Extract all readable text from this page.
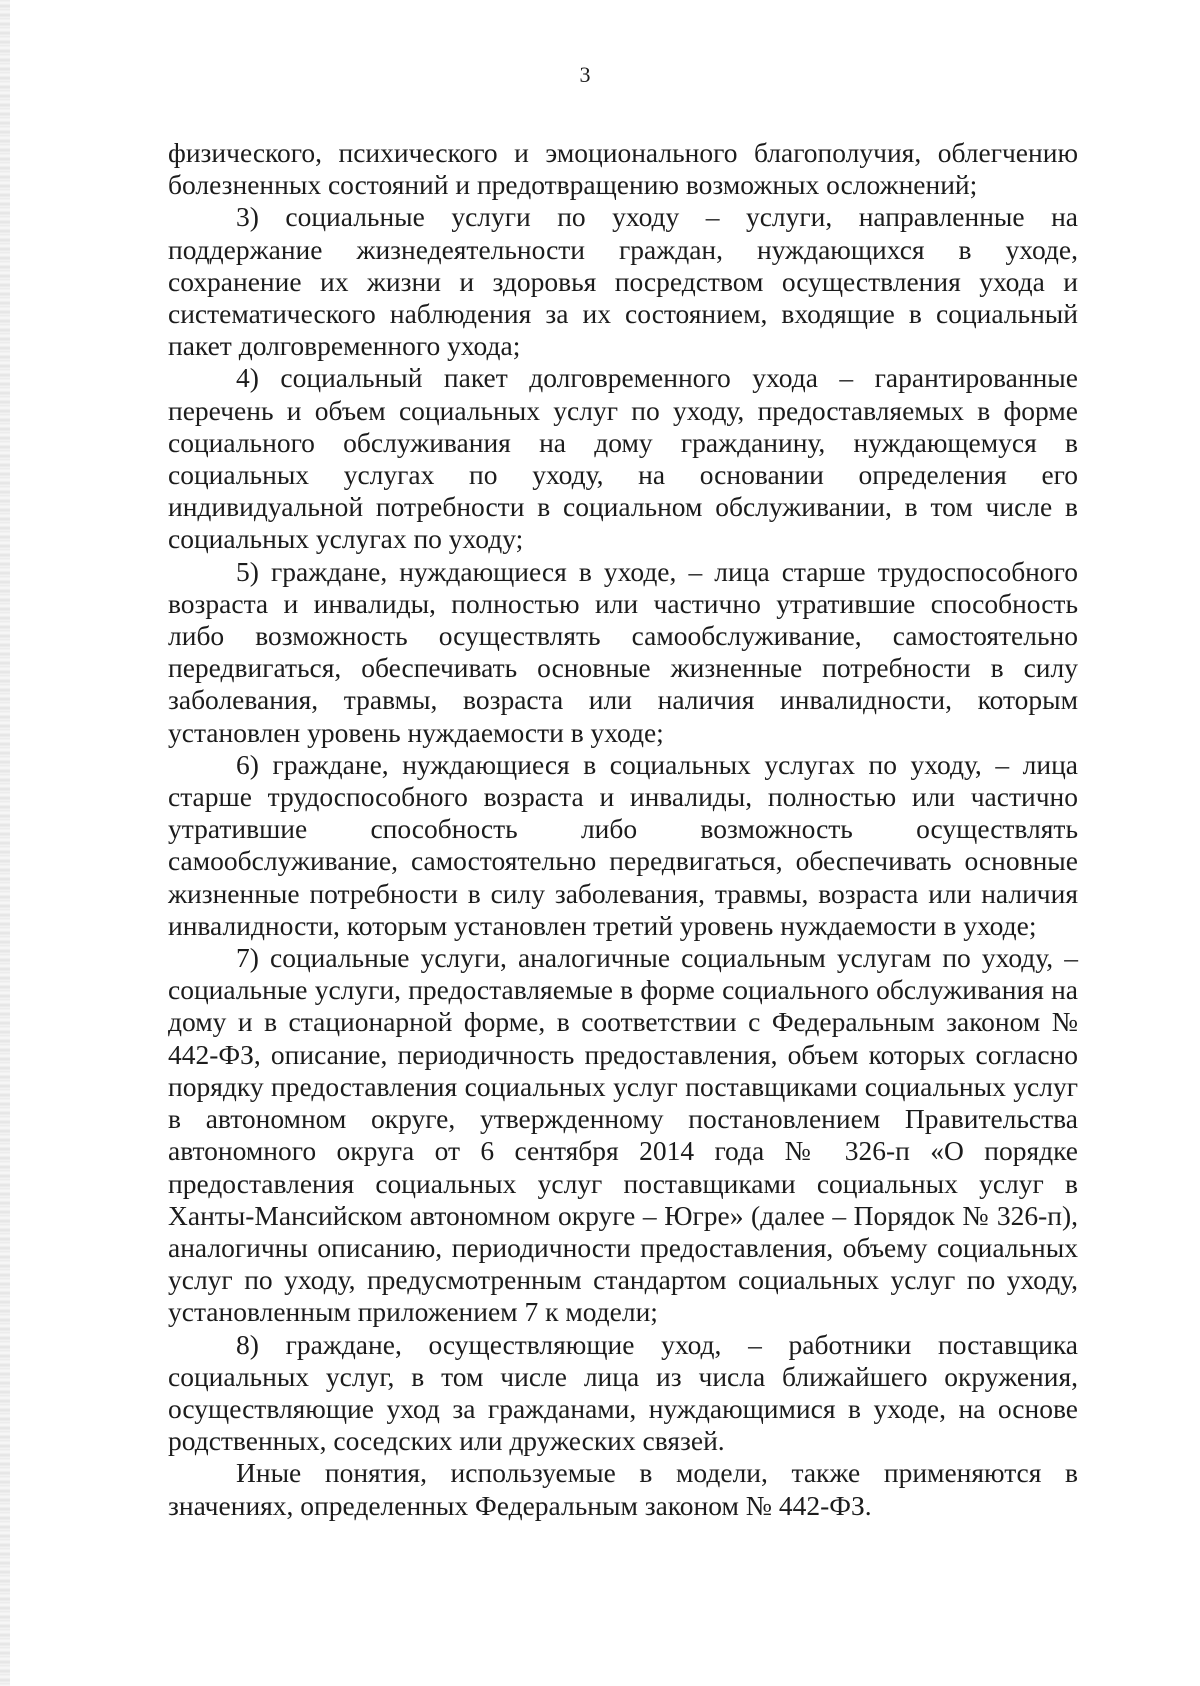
3

физического, психического и эмоционального благополучия, облегчению болезненных состояний и предотвращению возможных осложнений;

3) социальные услуги по уходу – услуги, направленные на поддержание жизнедеятельности граждан, нуждающихся в уходе, сохранение их жизни и здоровья посредством осуществления ухода и систематического наблюдения за их состоянием, входящие в социальный пакет долговременного ухода;

4) социальный пакет долговременного ухода – гарантированные перечень и объем социальных услуг по уходу, предоставляемых в форме социального обслуживания на дому гражданину, нуждающемуся в социальных услугах по уходу, на основании определения его индивидуальной потребности в социальном обслуживании, в том числе в социальных услугах по уходу;

5) граждане, нуждающиеся в уходе, – лица старше трудоспособного возраста и инвалиды, полностью или частично утратившие способность либо возможность осуществлять самообслуживание, самостоятельно передвигаться, обеспечивать основные жизненные потребности в силу заболевания, травмы, возраста или наличия инвалидности, которым установлен уровень нуждаемости в уходе;

6) граждане, нуждающиеся в социальных услугах по уходу, – лица старше трудоспособного возраста и инвалиды, полностью или частично утратившие способность либо возможность осуществлять самообслуживание, самостоятельно передвигаться, обеспечивать основные жизненные потребности в силу заболевания, травмы, возраста или наличия инвалидности, которым установлен третий уровень нуждаемости в уходе;

7) социальные услуги, аналогичные социальным услугам по уходу, – социальные услуги, предоставляемые в форме социального обслуживания на дому и в стационарной форме, в соответствии с Федеральным законом № 442-ФЗ, описание, периодичность предоставления, объем которых согласно порядку предоставления социальных услуг поставщиками социальных услуг в автономном округе, утвержденному постановлением Правительства автономного округа от 6 сентября 2014 года № 326-п «О порядке предоставления социальных услуг поставщиками социальных услуг в Ханты-Мансийском автономном округе – Югре» (далее – Порядок № 326-п), аналогичны описанию, периодичности предоставления, объему социальных услуг по уходу, предусмотренным стандартом социальных услуг по уходу, установленным приложением 7 к модели;

8) граждане, осуществляющие уход, – работники поставщика социальных услуг, в том числе лица из числа ближайшего окружения, осуществляющие уход за гражданами, нуждающимися в уходе, на основе родственных, соседских или дружеских связей.

Иные понятия, используемые в модели, также применяются в значениях, определенных Федеральным законом № 442-ФЗ.
